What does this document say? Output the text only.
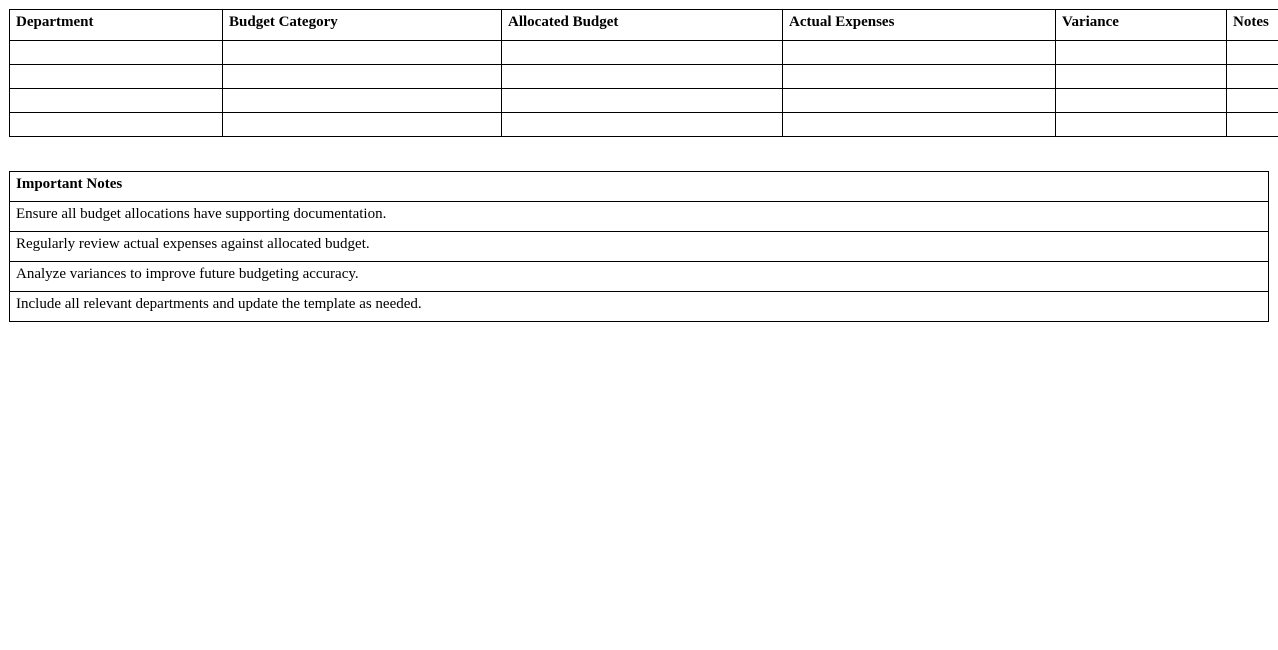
Department	Budget Category	Allocated Budget	Actual Expenses	Variance	Notes

Important Notes
Ensure all budget allocations have supporting documentation.
Regularly review actual expenses against allocated budget.
Analyze variances to improve future budgeting accuracy.
Include all relevant departments and update the template as needed.
